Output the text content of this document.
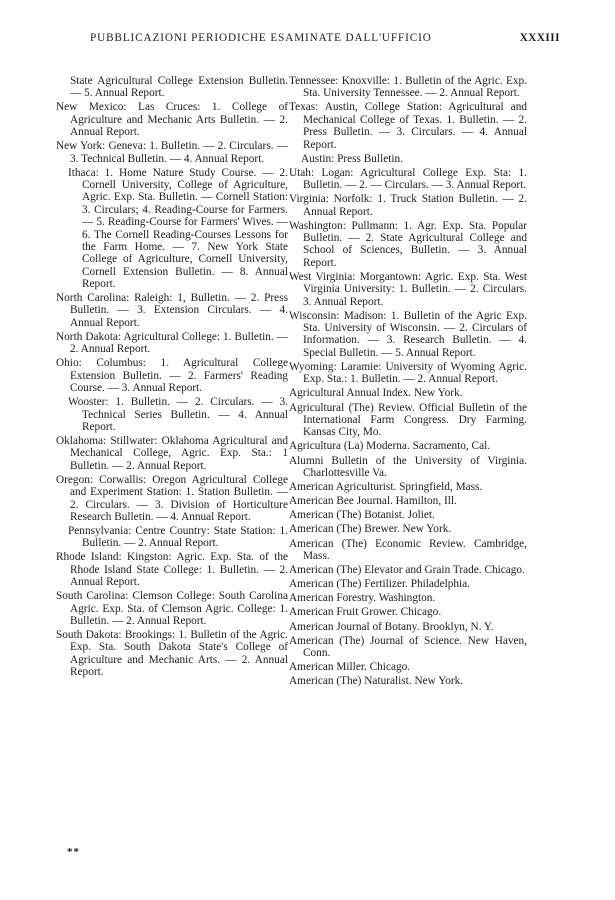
PUBBLICAZIONI PERIODICHE ESAMINATE DALL'UFFICIO	XXXIII

State Agricultural College Extension Bulletin. — 5. Annual Report.

New Mexico: Las Cruces: 1. College of Agriculture and Mechanic Arts Bulletin. — 2. Annual Report.

New York: Geneva: 1. Bulletin. — 2. Circulars. — 3. Technical Bulletin. — 4. Annual Report.

Ithaca: 1. Home Nature Study Course. — 2. Cornell University, College of Agriculture, Agric. Exp. Sta. Bulletin. — Cornell Station: 3. Circulars; 4. Reading-Course for Farmers. — 5. Reading-Course for Farmers' Wives. — 6. The Cornell Reading-Courses Lessons for the Farm Home. — 7. New York State College of Agriculture, Cornell University, Cornell Extension Bulletin. — 8. Annual Report.

North Carolina: Raleigh: 1, Bulletin. — 2. Press Bulletin. — 3. Extension Circulars. — 4. Annual Report.

North Dakota: Agricultural College: 1. Bulletin. — 2. Annual Report.

Ohio: Columbus: 1. Agricultural College Extension Bulletin. — 2. Farmers' Reading Course. — 3. Annual Report.

Wooster: 1. Bulletin. — 2. Circulars. — 3. Technical Series Bulletin. — 4. Annual Report.

Oklahoma: Stillwater: Oklahoma Agricultural and Mechanical College, Agric. Exp. Sta.: 1 Bulletin. — 2. Annual Report.

Oregon: Corwallis: Oregon Agricultural College and Experiment Station: 1. Station Bulletin. — 2. Circulars. — 3. Division of Horticulture Research Bulletin. — 4. Annual Report.

Pennsylvania: Centre Country: State Station: 1. Bulletin. — 2. Annual Report.

Rhode Island: Kingston: Agric. Exp. Sta. of the Rhode Island State College: 1. Bulletin. — 2. Annual Report.

South Carolina: Clemson College: South Carolina Agric. Exp. Sta. of Clemson Agric. College: 1. Bulletin. — 2. Annual Report.

South Dakota: Brookings: 1. Bulletin of the Agric. Exp. Sta. South Dakota State's College of Agriculture and Mechanic Arts. — 2. Annual Report.

Tennessee: Knoxville: 1. Bulletin of the Agric. Exp. Sta. University Tennessee. — 2. Annual Report.

Texas: Austin, College Station: Agricultural and Mechanical College of Texas. 1. Bulletin. — 2. Press Bulletin. — 3. Circulars. — 4. Annual Report.

Austin: Press Bulletin.

Utah: Logan: Agricultural College Exp. Sta: 1. Bulletin. — 2. — Circulars. — 3. Annual Report.

Virginia: Norfolk: 1. Truck Station Bulletin. — 2. Annual Report.

Washington: Pullmann: 1. Agr. Exp. Sta. Popular Bulletin. — 2. State Agricultural College and School of Sciences, Bulletin. — 3. Annual Report.

West Virginia: Morgantown: Agric. Exp. Sta. West Virginia University: 1. Bulletin. — 2. Circulars. 3. Annual Report.

Wisconsin: Madison: 1. Bulletin of the Agric Exp. Sta. University of Wisconsin. — 2. Circulars of Information. — 3. Research Bulletin. — 4. Special Bulletin. — 5. Annual Report.

Wyoming: Laramie: University of Wyoming Agric. Exp. Sta.: 1. Bulletin. — 2. Annual Report.

Agricultural Annual Index. New York.

Agricultural (The) Review. Official Bulletin of the International Farm Congress. Dry Farming. Kansas City, Mo.

Agricultura (La) Moderna. Sacramento, Cal.

Alumni Bulletin of the University of Virginia. Charlottesville Va.

American Agriculturist. Springfield, Mass.

American Bee Journal. Hamilton, Ill.

American (The) Botanist. Joliet.

American (The) Brewer. New York.

American (The) Economic Review. Cambridge, Mass.

American (The) Elevator and Grain Trade. Chicago.

American (The) Fertilizer. Philadelphia.

American Forestry. Washington.

American Fruit Grower. Chicago.

American Journal of Botany. Brooklyn, N. Y.

American (The) Journal of Science. New Haven, Conn.

American Miller. Chicago.

American (The) Naturalist. New York.

**
